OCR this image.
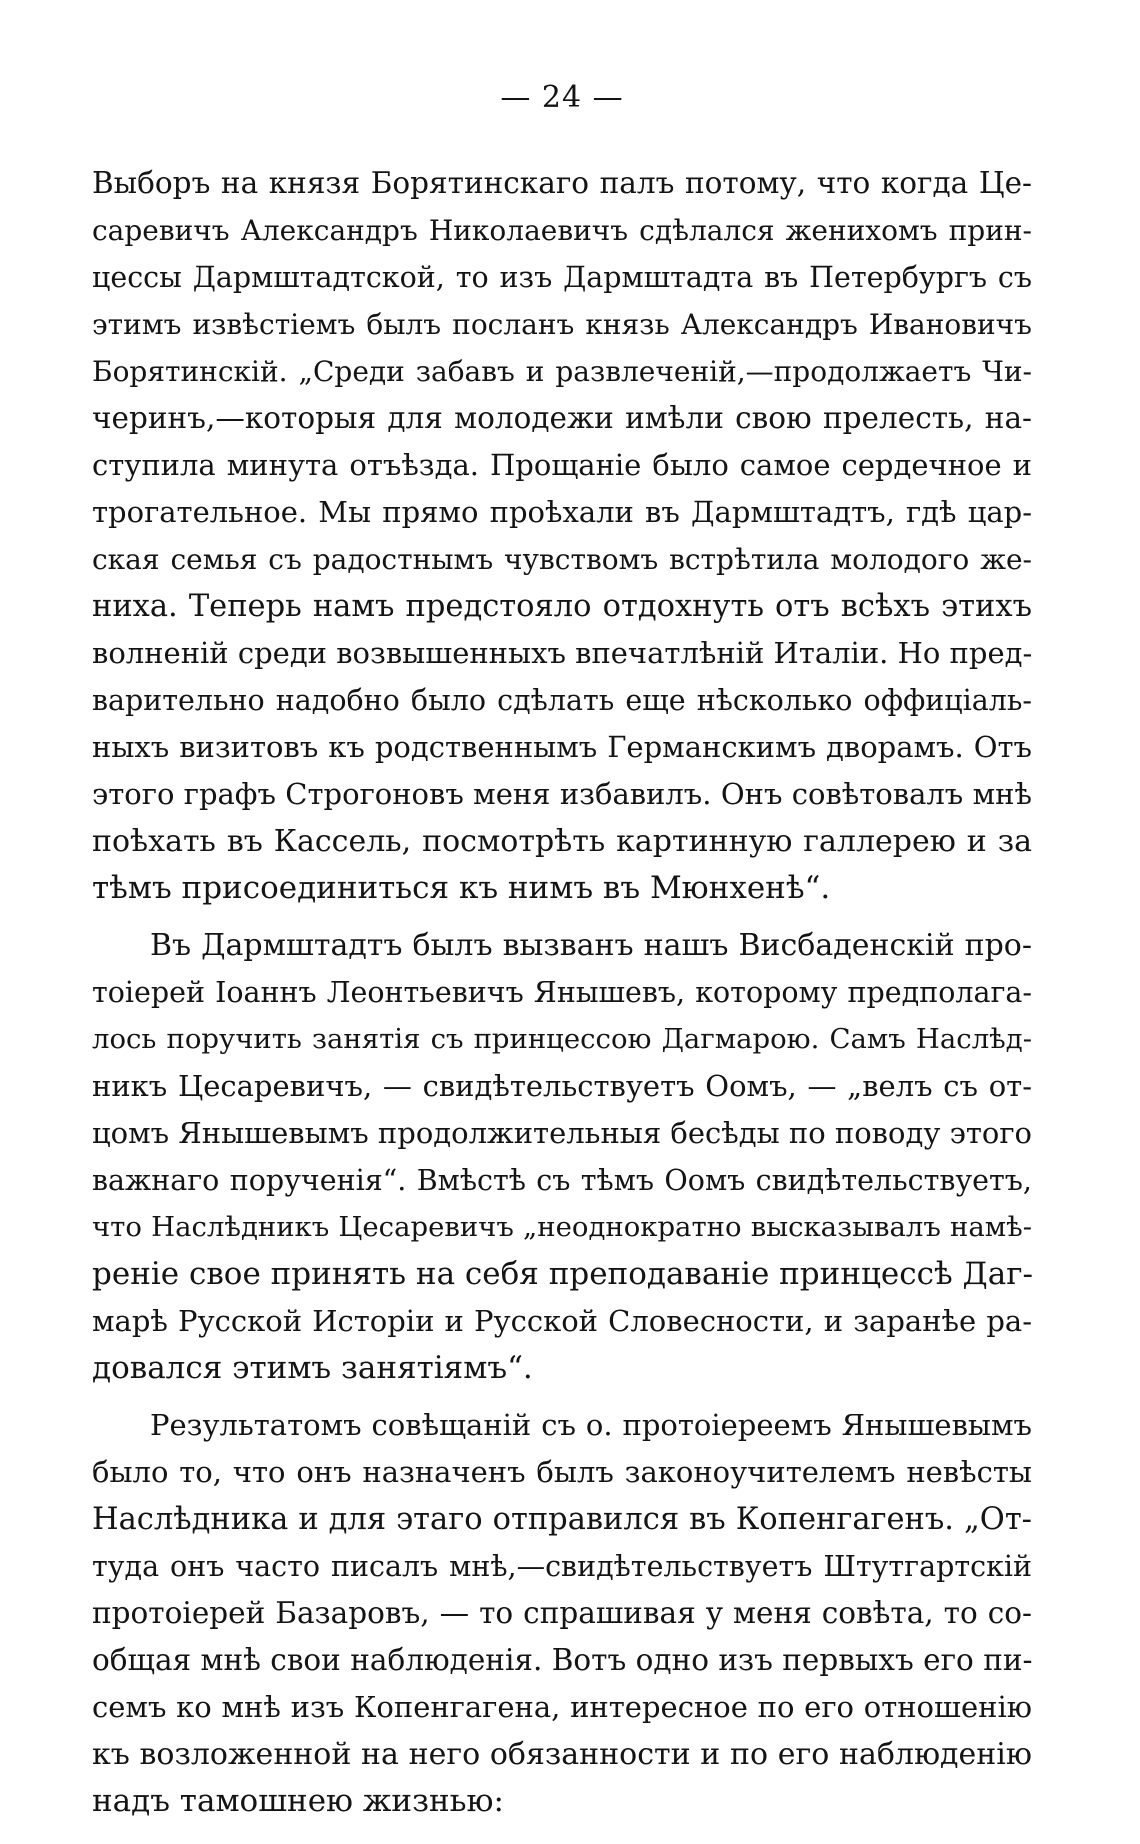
— 24 —
Выборъ на князя Борятинскаго палъ потому, что когда Це-
саревичъ Александръ Николаевичъ сдѣлался женихомъ прин-
цессы Дармштадтской, то изъ Дармштадта въ Петербургъ съ
этимъ извѣстіемъ былъ посланъ князь Александръ Ивановичъ
Борятинскій. „Среди забавъ и развлеченій,—продолжаетъ Чи-
черинъ,—которыя для молодежи имѣли свою прелесть, на-
ступила минута отъѣзда. Прощаніе было самое сердечное и
трогательное. Мы прямо проѣхали въ Дармштадтъ, гдѣ цар-
ская семья съ радостнымъ чувствомъ встрѣтила молодого же-
ниха. Теперь намъ предстояло отдохнуть отъ всѣхъ этихъ
волненій среди возвышенныхъ впечатлѣній Италіи. Но пред-
варительно надобно было сдѣлать еще нѣсколько оффиціаль-
ныхъ визитовъ къ родственнымъ Германскимъ дворамъ. Отъ
этого графъ Строгоновъ меня избавилъ. Онъ совѣтовалъ мнѣ
поѣхать въ Кассель, посмотрѣть картинную галлерею и за
тѣмъ присоединиться къ нимъ въ Мюнхенѣ“.
Въ Дармштадтъ былъ вызванъ нашъ Висбаденскій про-
тоіерей Іоаннъ Леонтьевичъ Янышевъ, которому предполага-
лось поручить занятія съ принцессою Дагмарою. Самъ Наслѣд-
никъ Цесаревичъ, — свидѣтельствуетъ Оомъ, — „велъ съ от-
цомъ Янышевымъ продолжительныя бесѣды по поводу этого
важнаго порученія“. Вмѣстѣ съ тѣмъ Оомъ свидѣтельствуетъ,
что Наслѣдникъ Цесаревичъ „неоднократно высказывалъ намѣ-
реніе свое принять на себя преподаваніе принцессѣ Даг-
марѣ Русской Исторіи и Русской Словесности, и заранѣе ра-
довался этимъ занятіямъ“.
Результатомъ совѣщаній съ о. протоіереемъ Янышевымъ
было то, что онъ назначенъ былъ законоучителемъ невѣсты
Наслѣдника и для этаго отправился въ Копенгагенъ. „От-
туда онъ часто писалъ мнѣ,—свидѣтельствуетъ Штутгартскій
протоіерей Базаровъ, — то спрашивая у меня совѣта, то со-
общая мнѣ свои наблюденія. Вотъ одно изъ первыхъ его пи-
семъ ко мнѣ изъ Копенгагена, интересное по его отношенію
къ возложенной на него обязанности и по его наблюденію
надъ тамошнею жизнью:
